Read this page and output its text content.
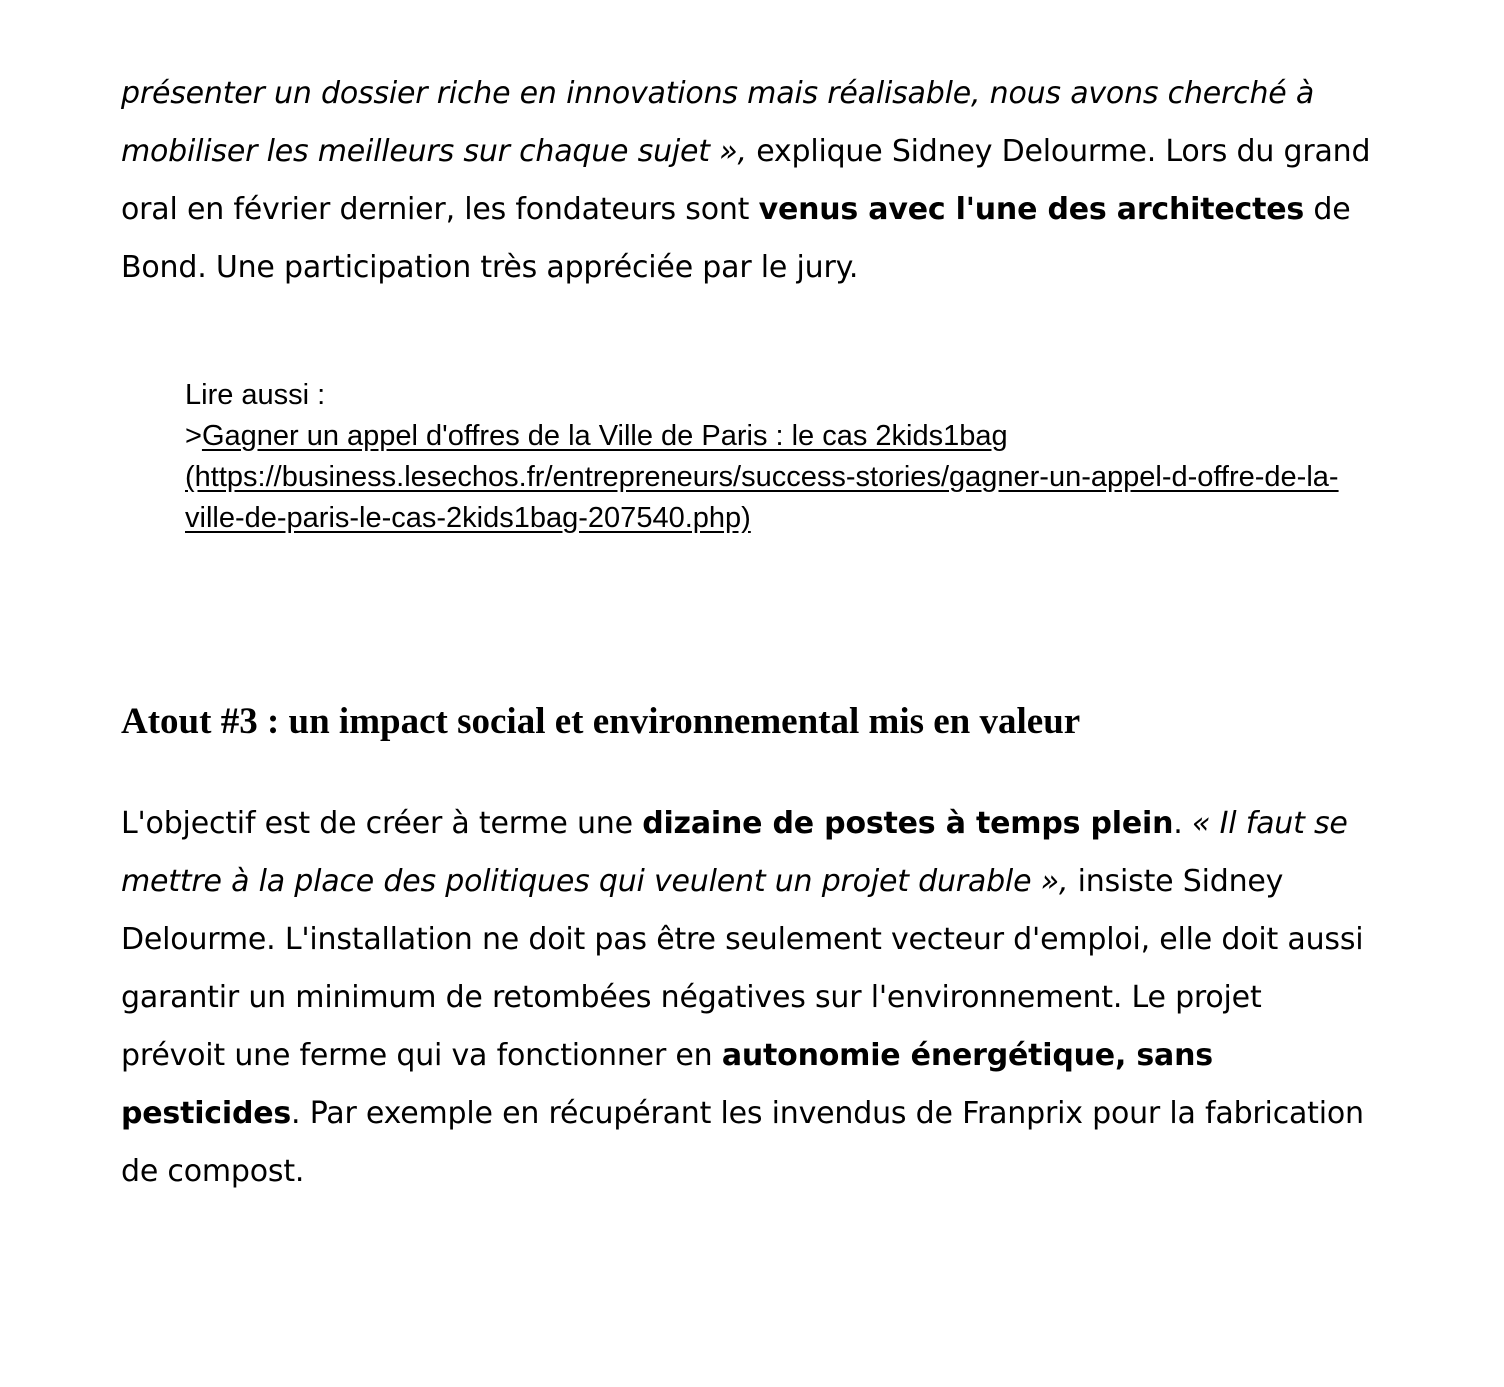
présenter un dossier riche en innovations mais réalisable, nous avons cherché à mobiliser les meilleurs sur chaque sujet », explique Sidney Delourme. Lors du grand oral en février dernier, les fondateurs sont venus avec l'une des architectes de Bond. Une participation très appréciée par le jury.

Lire aussi :
>Gagner un appel d'offres de la Ville de Paris : le cas 2kids1bag (https://business.lesechos.fr/entrepreneurs/success-stories/gagner-un-appel-d-offre-de-la-ville-de-paris-le-cas-2kids1bag-207540.php)
Atout #3 : un impact social et environnemental mis en valeur

L'objectif est de créer à terme une dizaine de postes à temps plein. « Il faut se mettre à la place des politiques qui veulent un projet durable », insiste Sidney Delourme. L'installation ne doit pas être seulement vecteur d'emploi, elle doit aussi garantir un minimum de retombées négatives sur l'environnement. Le projet prévoit une ferme qui va fonctionner en autonomie énergétique, sans pesticides. Par exemple en récupérant les invendus de Franprix pour la fabrication de compost.
